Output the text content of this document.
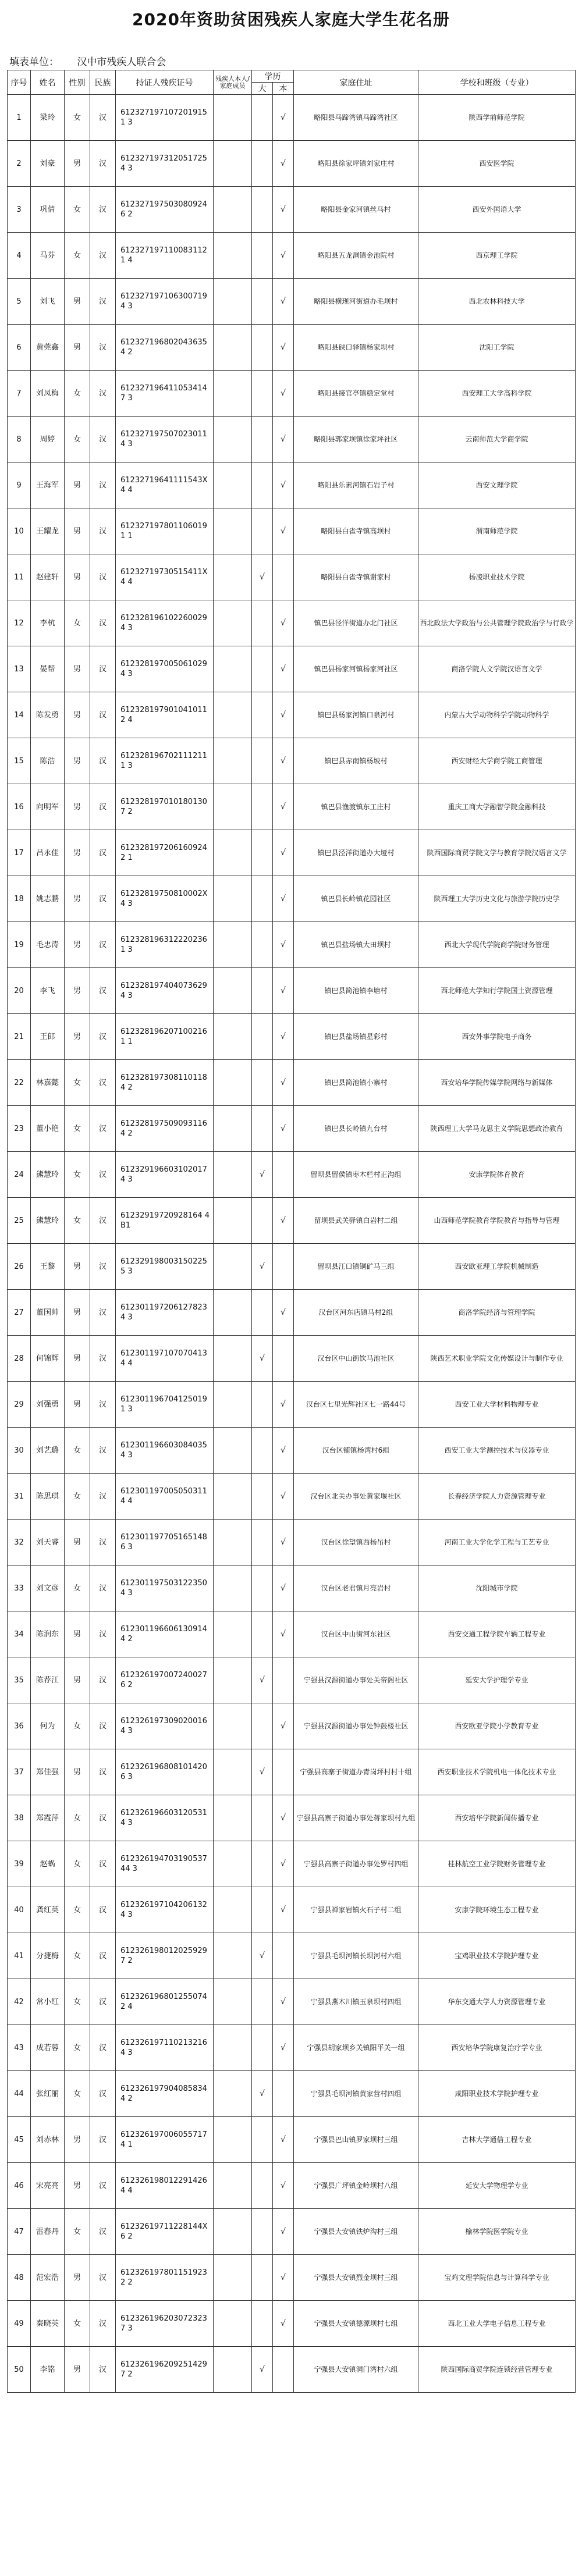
2020年资助贫困残疾人家庭大学生花名册
填表单位： 汉中市残疾人联合会
序号	姓名	性别	民族	持证人残疾证号	残疾人本人/家庭成员	学历		家庭住址	学校和班级（专业）
						大	本		
1	梁玲	女	汉	6123271971072019151 3			√	略阳县马蹄湾镇马蹄湾社区	陕西学前师范学院
2	刘豪	男	汉	6123271973120517254 3			√	略阳县徐家坪镇刘家庄村	西安医学院
3	巩倩	女	汉	6123271975030809246 2			√	略阳县金家河镇丝马村	西安外国语大学
4	马芬	女	汉	6123271971100831121 4			√	略阳县五龙洞镇金池院村	西京理工学院
5	刘飞	男	汉	6123271971063007194 3			√	略阳县横现河街道办毛坝村	西北农林科技大学
6	黄莞鑫	男	汉	6123271968020436354 2			√	略阳县硖口驿镇杨家坝村	沈阳工学院
7	刘凤梅	女	汉	6123271964110534147 3			√	略阳县接官亭镇稳定堂村	西安理工大学高科学院
8	周婷	女	汉	6123271975070230114 3			√	略阳县郭家坝镇徐家坪社区	云南师范大学商学院
9	王海军	男	汉	61232719641111543X4 4			√	略阳县乐素河镇石岩子村	西安文理学院
10	王耀龙	男	汉	6123271978011060191 1			√	略阳县白雀寺镇高坝村	渭南师范学院
11	赵建轩	男	汉	61232719730515411X4 4		√		略阳县白雀寺镇谢家村	杨凌职业技术学院
12	李杭	女	汉	6123281961022600294 3			√	镇巴县泾洋街道办北门社区	西北政法大学政治与公共管理学院政治学与行政学
13	晏帮	男	汉	6123281970050610294 3			√	镇巴县杨家河镇杨家河社区	商洛学院人文学院汉语言文学
14	陈发勇	男	汉	6123281979010410112 4			√	镇巴县杨家河镇口泉河村	内蒙古大学动物科学学院动物科学
15	陈浩	男	汉	6123281967021112111 3			√	镇巴县赤南镇杨坡村	西安财经大学商学院工商管理
16	向明军	男	汉	6123281970101801307 2			√	镇巴县渔渡镇东工庄村	重庆工商大学融智学院金融科技
17	吕永佳	男	汉	6123281972061609242 1			√	镇巴县泾洋街道办大垭村	陕西国际商贸学院文学与教育学院汉语言文学
18	姚志鹏	男	汉	61232819750810002X4 3			√	镇巴县长岭镇花园社区	陕西理工大学历史文化与旅游学院历史学
19	毛忠涛	男	汉	6123281963122202361 3			√	镇巴县盐场镇大田坝村	西北大学现代学院商学院财务管理
20	李飞	男	汉	6123281974040736294 3			√	镇巴县简池镇李塘村	西北师范大学知行学院国土资源管理
21	王郎	男	汉	6123281962071002161 1			√	镇巴县盐场镇星彩村	西安外事学院电子商务
22	林嘉懿	女	汉	6123281973081101184 2			√	镇巴县简池镇小寨村	西安培华学院传媒学院网络与新媒体
23	董小艳	女	汉	6123281975090931164 2			√	镇巴县长岭镇九台村	陕西理工大学马克思主义学院思想政治教育
24	熊慧玲	女	汉	6123291966031020174 3		√		留坝县留侯镇枣木栏村正沟组	安康学院体育教育
25	熊慧玲	女	汉	61232919720928164 4B1			√	留坝县武关驿镇白岩村二组	山西师范学院教育学院教育与指导与管理
26	王黎	男	汉	6123291980031502255 3		√		留坝县江口镇铜矿马三组	西安欧亚理工学院机械制造
27	董国帅	男	汉	6123011972061278234 3			√	汉台区河东店镇马村2组	商洛学院经济与管理学院
28	何锦辉	男	汉	6123011971070704134 4		√		汉台区中山街饮马池社区	陕西艺术职业学院文化传媒设计与制作专业
29	刘强勇	男	汉	6123011967041250191 3			√	汉台区七里光辉社区七一路44号	西安工业大学材料物理专业
30	刘艺璐	女	汉	6123011966030840354 3			√	汉台区铺镇杨湾村6组	西安工业大学测控技术与仪器专业
31	陈思琪	女	汉	6123011970050503114 4			√	汉台区北关办事处黄家堰社区	长春经济学院人力资源管理专业
32	刘天睿	男	汉	6123011977051651486 3			√	汉台区徐望镇西杨吊村	河南工业大学化学工程与工艺专业
33	刘文彦	女	汉	6123011975031223504 3			√	汉台区老君镇月亮岩村	沈阳城市学院
34	陈润东	男	汉	6123011966061309144 2			√	汉台区中山街河东社区	西安交通工程学院车辆工程专业
35	陈荐江	男	汉	6123261970072400276 2		√		宁强县汉源街道办事处关帝阁社区	延安大学护理学专业
36	何为	女	汉	6123261973090200164 3			√	宁强县汉源街道办事处钟鼓楼社区	西安欧亚学院小学教育专业
37	郑佳强	男	汉	6123261968081014206 3		√		宁强县高寨子街道办青岗坪村村十组	西安职业技术学院机电一体化技术专业
38	郑霞萍	女	汉	6123261966031205314 3			√	宁强县高寨子街道办事处蒋家坝村九组	西安培华学院新闻传播专业
39	赵蜗	女	汉	61232619470319053744 3			√	宁强县高寨子街道办事处罗村四组	桂林航空工业学院财务管理专业
40	龚红英	女	汉	6123261971042061324 3			√	宁强县禅家岩镇火石子村二组	安康学院环境生态工程专业
41	分捷梅	女	汉	6123261980120259297 2		√		宁强县毛坝河镇长坝河村六组	宝鸡职业技术学院护理专业
42	常小红	女	汉	6123261968012550742 4			√	宁强县燕木川镇玉泉坝村四组	华东交通大学人力资源管理专业
43	成若蓉	女	汉	6123261971102132164 3			√	宁强县胡家坝乡关镇阳平关一组	西安培华学院康复治疗学专业
44	张红丽	女	汉	6123261979040858344 2		√		宁强县毛坝河镇黄家营村四组	咸阳职业技术学院护理专业
45	刘赤林	男	汉	6123261970060557174 1			√	宁强县巴山镇罗家坝村三组	吉林大学通信工程专业
46	宋亮亮	男	汉	6123261980122914264 4			√	宁强县广坪镇金岭坝村八组	延安大学物理学专业
47	雷春丹	女	汉	61232619711228144X6 2			√	宁强县大安镇铁炉沟村三组	榆林学院医学院专业
48	范宏浩	男	汉	6123261978011519232 2			√	宁强县大安镇烈金坝村三组	宝鸡文理学院信息与计算科学专业
49	秦晓英	女	汉	6123261962030723237 3			√	宁强县大安镇德源坝村七组	西北工业大学电子信息工程专业
50	李铭	男	汉	6123261962092514297 2		√		宁强县大安镇洞门湾村六组	陕西国际商贸学院连锁经营管理专业
